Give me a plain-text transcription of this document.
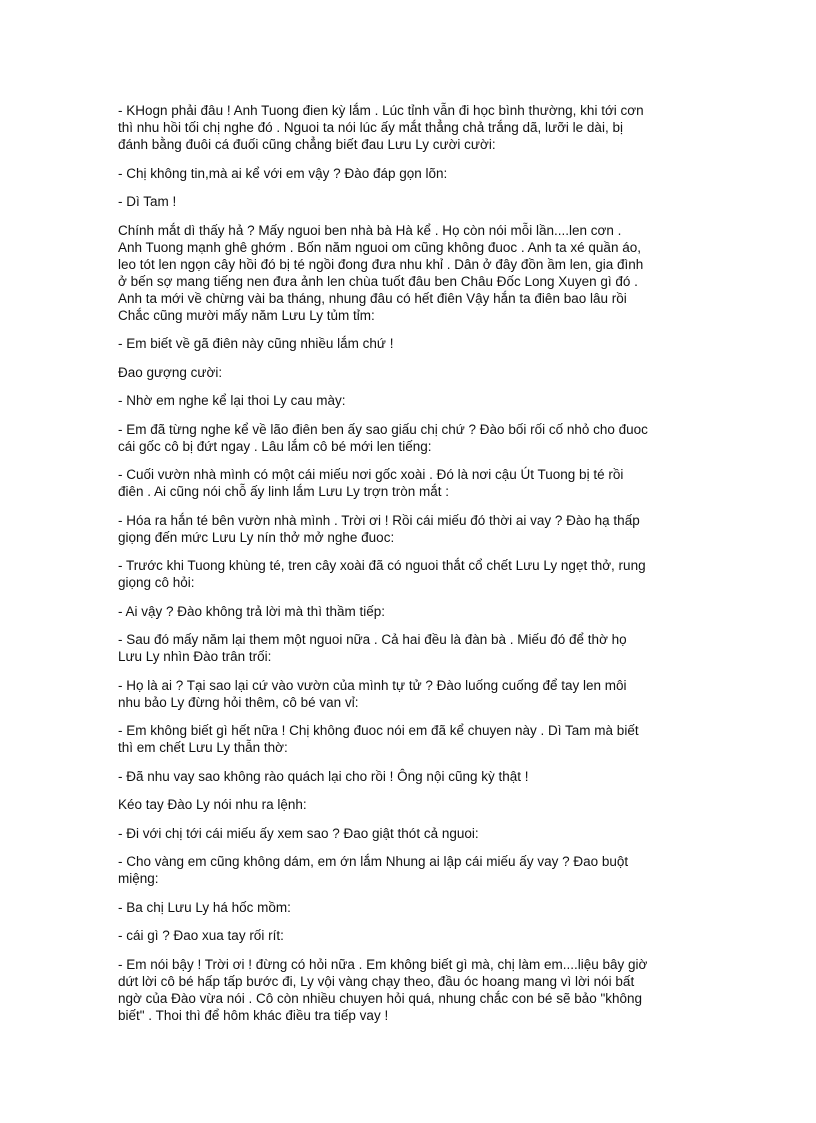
- KHogn phải đâu ! Anh Tuong đien kỳ lắm . Lúc tỉnh vẫn đi học bình thường, khi tới cơn
thì nhu hồi tối chị nghe đó . Nguoi ta nói lúc ấy mắt thẳng chả trắng dã, lưỡi le dài, bị
đánh bằng đuôi cá đuối cũng chẳng biết đau Lưu Ly cười cười:

- Chị không tin,mà ai kể với em vậy ? Đào đáp gọn lõn:

- Dì Tam !

Chính mắt dì thấy hả ? Mấy nguoi ben nhà bà Hà kể . Họ còn nói mỗi lần....len cơn .
Anh Tuong mạnh ghê ghớm . Bốn năm nguoi om cũng không đuoc . Anh ta xé quần áo,
leo tót len ngọn cây hồi đó bị té ngồi đong đưa nhu khỉ . Dân ở đây đồn ầm len, gia đình
ở bến sợ mang tiếng nen đưa ảnh len chùa tuốt đâu ben Châu Đốc Long Xuyen gì đó .
Anh ta mới về chừng vài ba tháng, nhung đâu có hết điên Vậy hắn ta điên bao lâu rồi
Chắc cũng mười mấy năm Lưu Ly tủm tỉm:

- Em biết về gã điên này cũng nhiều lắm chứ !

Đao gượng cười:

- Nhờ em nghe kể lại thoi Ly cau mày:

- Em đã từng nghe kể về lão điên ben ấy sao giấu chị chứ ? Đào bối rối cố nhỏ cho đuoc
cái gốc cô bị đứt ngay . Lâu lắm cô bé mới len tiếng:

- Cuối vườn nhà mình có một cái miếu nơi gốc xoài . Đó là nơi cậu Út Tuong bị té rồi
điên . Ai cũng nói chỗ ấy linh lắm Lưu Ly trợn tròn mắt :

- Hóa ra hắn té bên vườn nhà mình . Trời ơi ! Rồi cái miếu đó thời ai vay ? Đào hạ thấp
giọng đến mức Lưu Ly nín thở mở nghe đuoc:

- Trước khi Tuong khùng té, tren cây xoài đã có nguoi thắt cổ chết Lưu Ly ngẹt thở, rung
giọng cô hỏi:

- Ai vậy ? Đào không trả lời mà thì thầm tiếp:

- Sau đó mấy năm lại them một nguoi nữa . Cả hai đều là đàn bà . Miếu đó để thờ họ
Lưu Ly nhìn Đào trân trối:

- Họ là ai ? Tại sao lại cứ vào vườn của mình tự tử ? Đào luống cuống để tay len môi
nhu bảo Ly đừng hỏi thêm, cô bé van vỉ:

- Em không biết gì hết nữa ! Chị không đuoc nói em đã kể chuyen này . Dì Tam mà biết
thì em chết Lưu Ly thẫn thờ:

- Đã nhu vay sao không rào quách lại cho rồi ! Ông nội cũng kỳ thật !

Kéo tay Đào Ly nói nhu ra lệnh:

- Đi với chị tới cái miếu ấy xem sao ? Đao giật thót cả nguoi:

- Cho vàng em cũng không dám, em ớn lắm Nhung ai lập cái miếu ấy vay ? Đao buột
miệng:

- Ba chị Lưu Ly há hốc mồm:

- cái gì ? Đao xua tay rối rít:

- Em nói bậy ! Trời ơi ! đừng có hỏi nữa . Em không biết gì mà, chị làm em....liệu bây giờ
dứt lời cô bé hấp tấp bước đi, Ly vội vàng chạy theo, đầu óc hoang mang vì lời nói bất
ngờ của Đào vừa nói . Cô còn nhiều chuyen hỏi quá, nhung chắc con bé sẽ bảo "không
biết" . Thoi thì để hôm khác điều tra tiếp vay !
